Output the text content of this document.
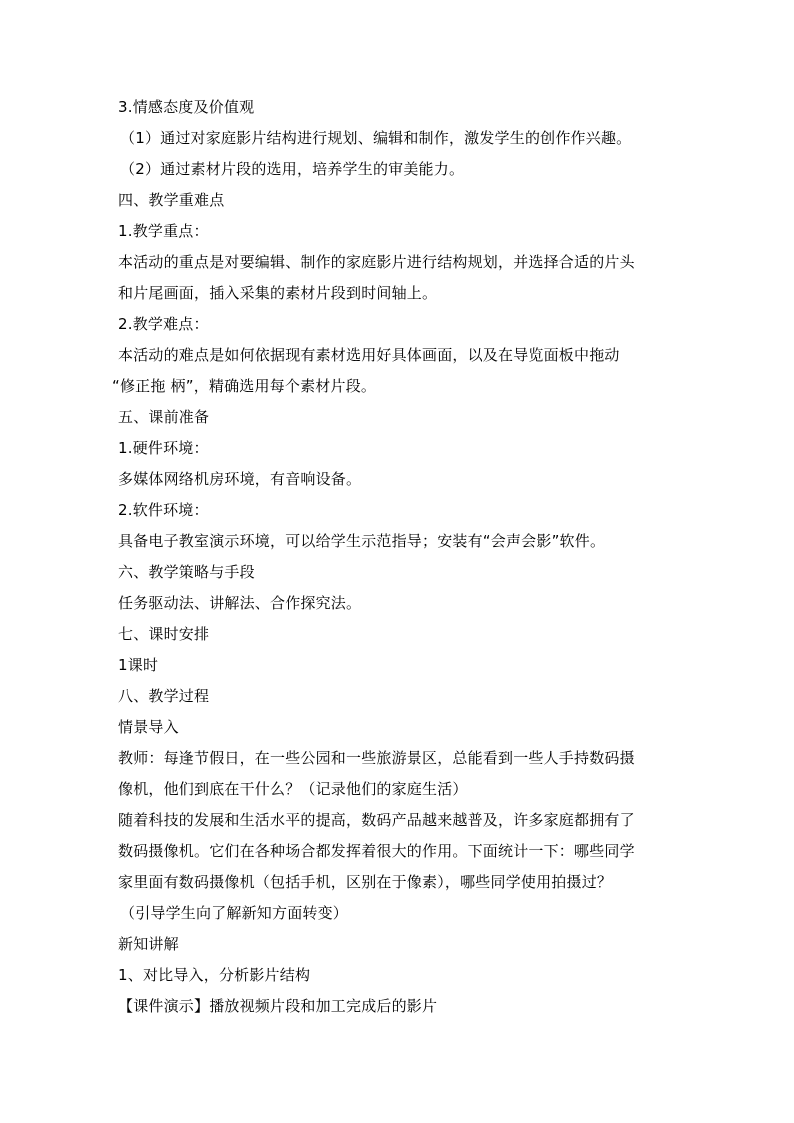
3.情感态度及价值观
（1）通过对家庭影片结构进行规划、编辑和制作，激发学生的创作作兴趣。
（2）通过素材片段的选用，培养学生的审美能力。
四、教学重难点
1.教学重点：
本活动的重点是对要编辑、制作的家庭影片进行结构规划，并选择合适的片头
和片尾画面，插入采集的素材片段到时间轴上。
2.教学难点：
本活动的难点是如何依据现有素材选用好具体画面，以及在导览面板中拖动
“修正拖 柄”，精确选用每个素材片段。
五、课前准备
1.硬件环境：
多媒体网络机房环境，有音响设备。
2.软件环境：
具备电子教室演示环境，可以给学生示范指导；安装有“会声会影”软件。
六、教学策略与手段
任务驱动法、讲解法、合作探究法。
七、课时安排
1课时
八、教学过程
情景导入
教师：每逢节假日，在一些公园和一些旅游景区，总能看到一些人手持数码摄
像机，他们到底在干什么？（记录他们的家庭生活）
随着科技的发展和生活水平的提高，数码产品越来越普及，许多家庭都拥有了
数码摄像机。它们在各种场合都发挥着很大的作用。下面统计一下：哪些同学
家里面有数码摄像机（包括手机，区别在于像素），哪些同学使用拍摄过？
（引导学生向了解新知方面转变）
新知讲解
1、对比导入，分析影片结构
【课件演示】播放视频片段和加工完成后的影片
